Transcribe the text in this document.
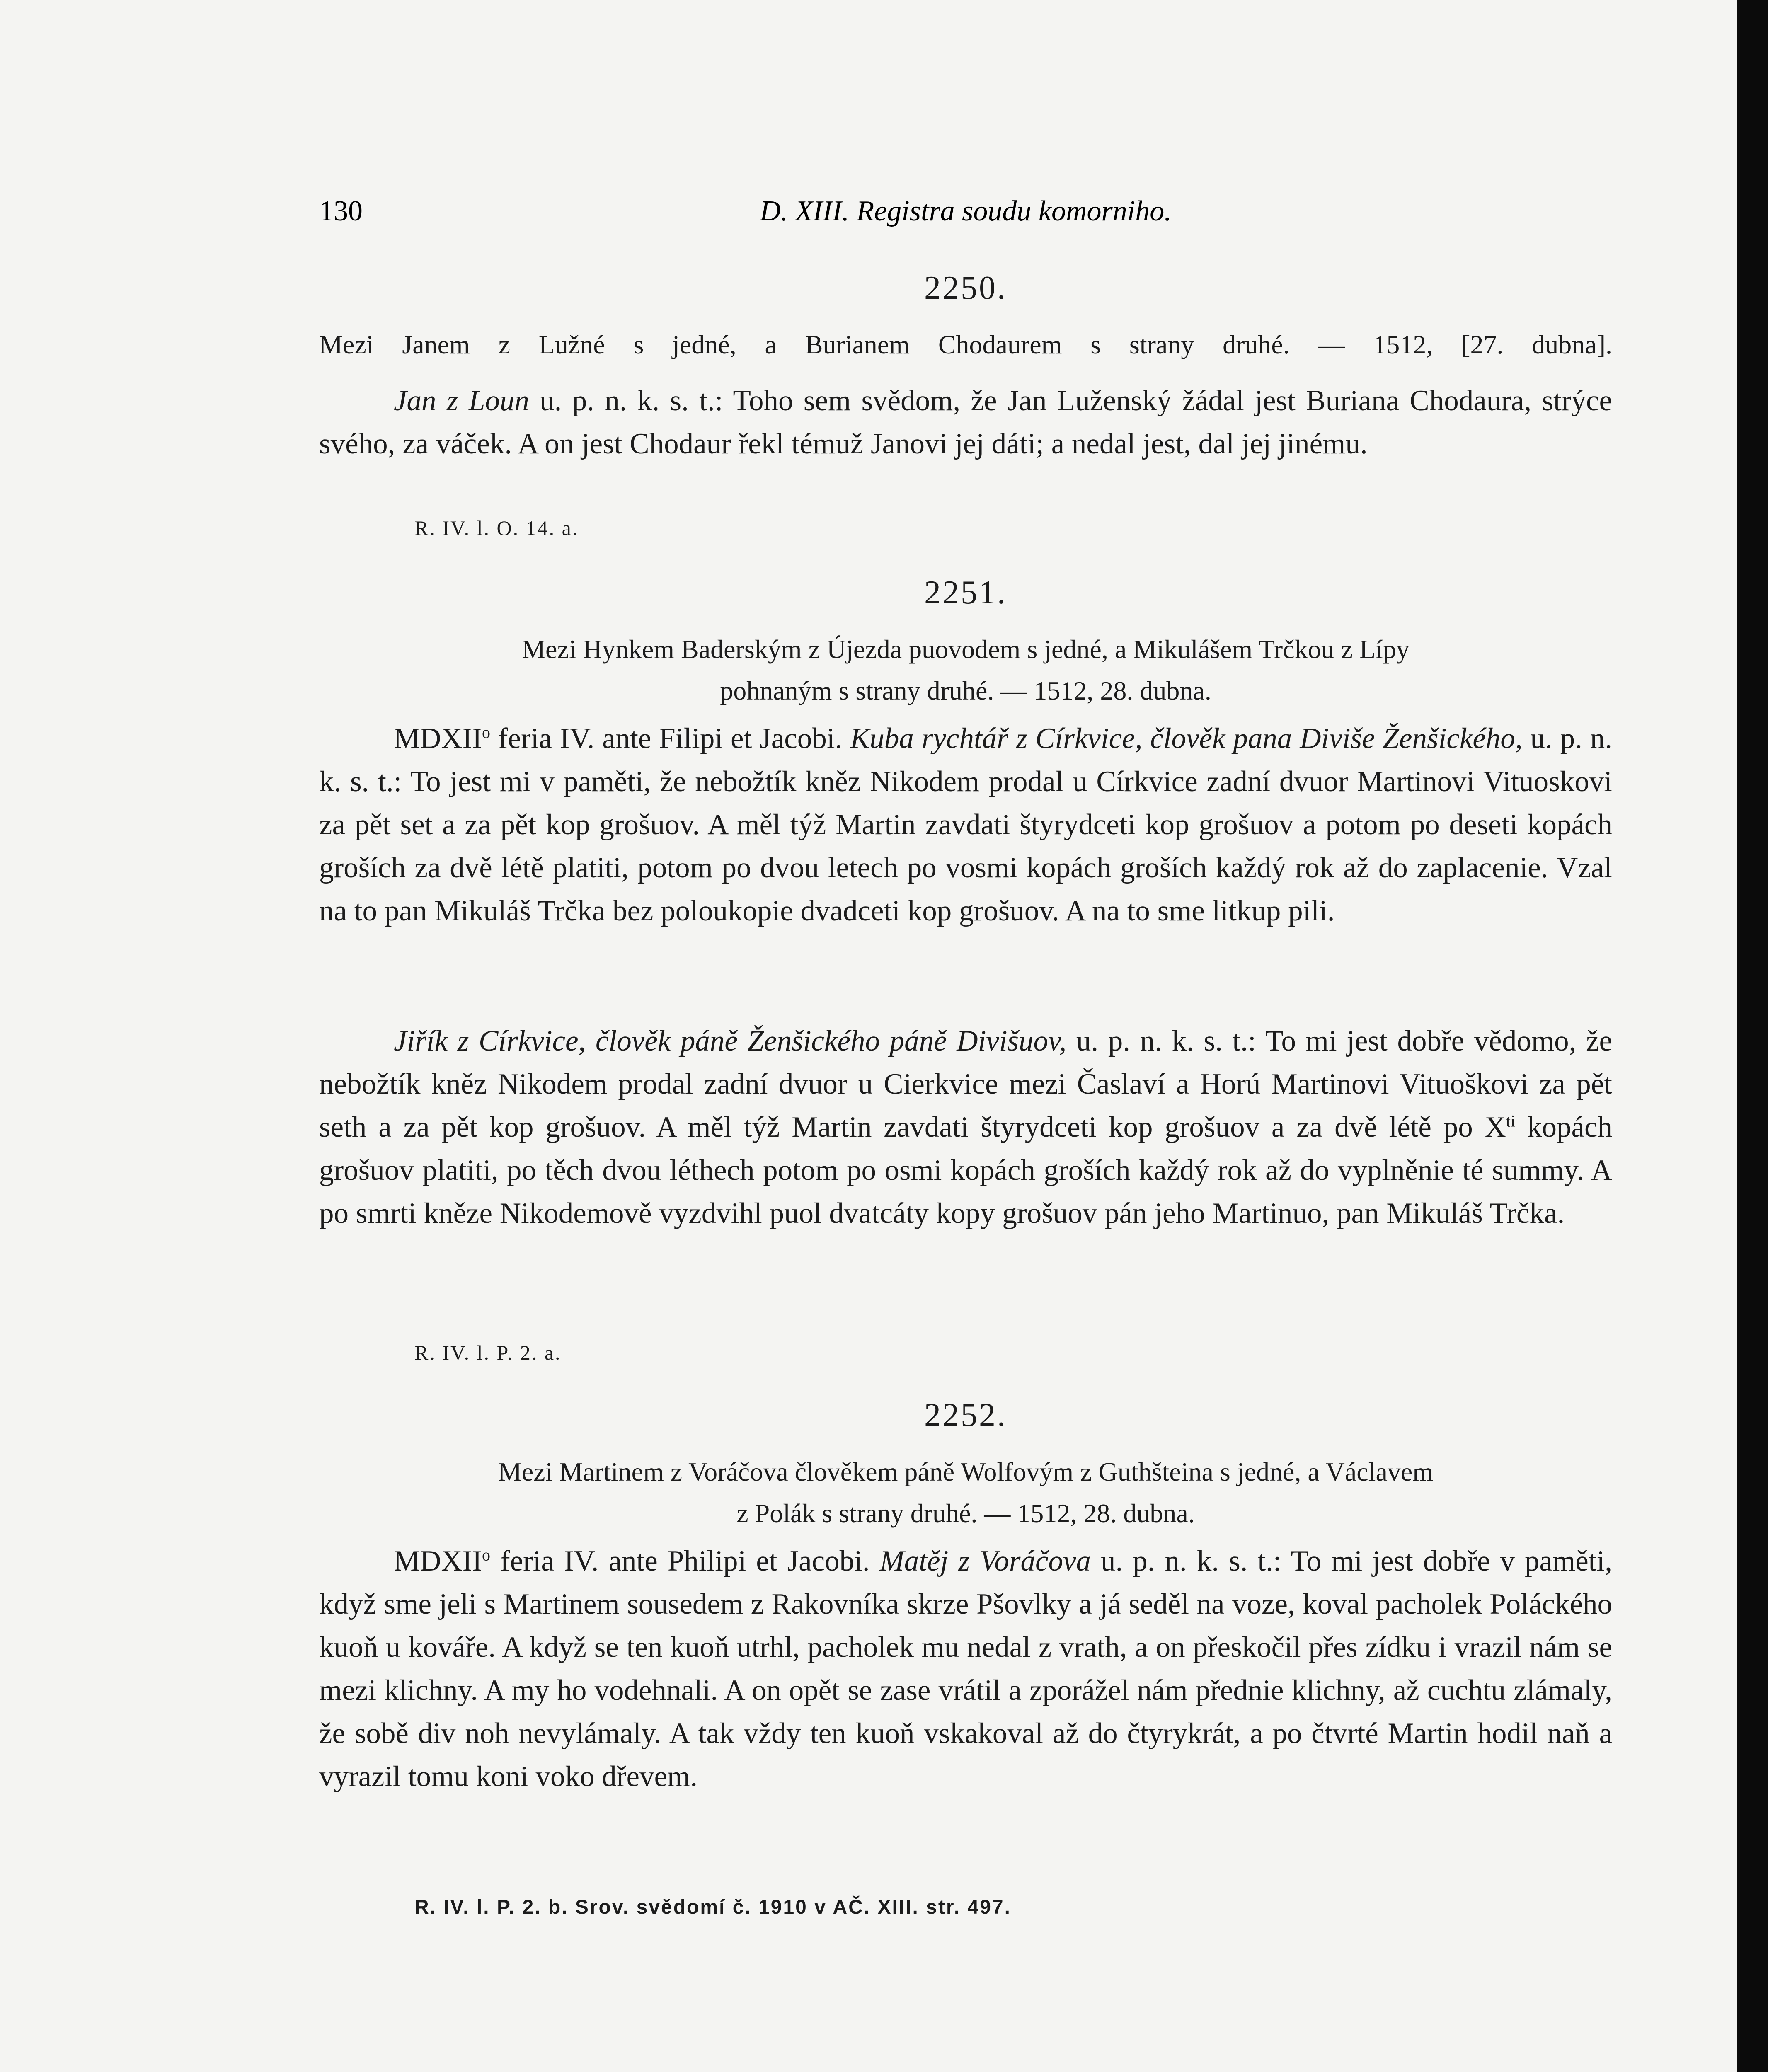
130	D. XIII. Registra soudu komorniho.
2250.
Mezi Janem z Lužné s jedné, a Burianem Chodaurem s strany druhé. — 1512, [27. dubna].
Jan z Loun u. p. n. k. s. t.: Toho sem svědom, že Jan Luženský žádal jest Buriana Chodaura, strýce svého, za váček. A on jest Chodaur řekl témuž Janovi jej dáti; a nedal jest, dal jej jinému.
R. IV. l. O. 14. a.
2251.
Mezi Hynkem Baderským z Újezda puovodem s jedné, a Mikulášem Trčkou z Lípy
pohnaným s strany druhé. — 1512, 28. dubna.
MDXII$^o$ feria IV. ante Filipi et Jacobi. Kuba rychtář z Církvice, člověk pana Diviše Ženšického, u. p. n. k. s. t.: To jest mi v paměti, že nebožtík kněz Nikodem prodal u Církvice zadní dvuor Martinovi Vituoskovi za pět set a za pět kop grošuov. A měl týž Martin zavdati štyrydceti kop grošuov a potom po deseti kopách groších za dvě létě platiti, potom po dvou letech po vosmi kopách groších každý rok až do zaplacenie. Vzal na to pan Mikuláš Trčka bez poloukopie dvadceti kop grošuov. A na to sme litkup pili.
Jiřík z Církvice, člověk páně Ženšického páně Divišuov, u. p. n. k. s. t.: To mi jest dobře vědomo, že nebožtík kněz Nikodem prodal zadní dvuor u Cierkvice mezi Časlaví a Horú Martinovi Vituoškovi za pět seth a za pět kop grošuov. A měl týž Martin zavdati štyrydceti kop grošuov a za dvě létě po $X^{ti}$ kopách grošuov platiti, po těch dvou léthech potom po osmi kopách groších každý rok až do vyplněnie té summy. A po smrti kněze Nikodemově vyzdvihl puol dvatcáty kopy grošuov pán jeho Martinuo, pan Mikuláš Trčka.
R. IV. l. P. 2. a.
2252.
Mezi Martinem z Voráčova člověkem páně Wolfovým z Guthšteina s jedné, a Václavem
z Polák s strany druhé. — 1512, 28. dubna.
MDXII$^o$ feria IV. ante Philipi et Jacobi. Matěj z Voráčova u. p. n. k. s. t.: To mi jest dobře v paměti, když sme jeli s Martinem sousedem z Rakovníka skrze Pšovlky a já seděl na voze, koval pacholek Poláckého kuoň u kováře. A když se ten kuoň utrhl, pacholek mu nedal z vrath, a on přeskočil přes zídku i vrazil nám se mezi klichny. A my ho vodehnali. A on opět se zase vrátil a zporážel nám přednie klichny, až cuchtu zlámaly, že sobě div noh nevylámaly. A tak vždy ten kuoň vskakoval až do čtyrykrát, a po čtvrté Martin hodil naň a vyrazil tomu koni voko dřevem.
R. IV. l. P. 2. b. Srov. svědomí č. 1910 v AČ. XIII. str. 497.
